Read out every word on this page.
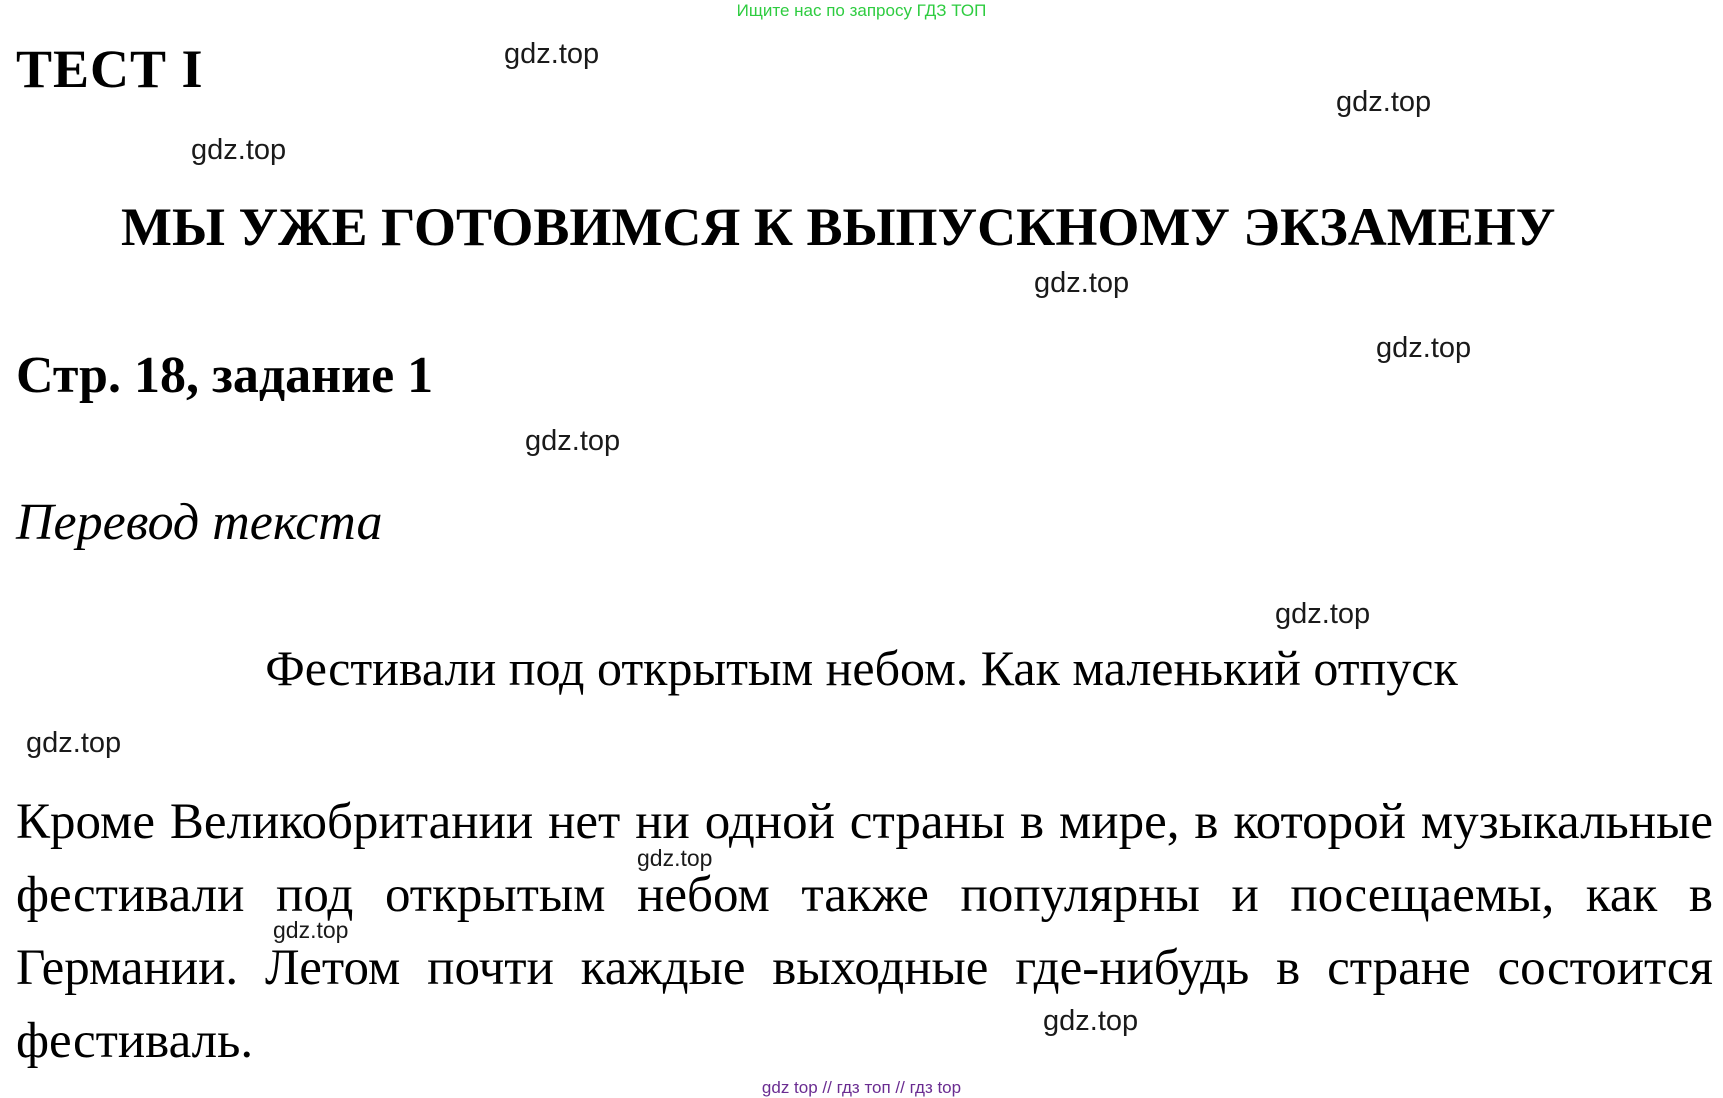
Ищите нас по запросу ГДЗ ТОП
ТЕСТ I
МЫ УЖЕ ГОТОВИМСЯ К ВЫПУСКНОМУ ЭКЗАМЕНУ
Стр. 18, задание 1
Перевод текста
Фестивали под открытым небом. Как маленький отпуск
Кроме Великобритании нет ни одной страны в мире, в которой музыкальные фестивали под открытым небом также популярны и посещаемы, как в Германии. Летом почти каждые выходные где-нибудь в стране состоится фестиваль.
gdz.top
gdz.top
gdz.top
gdz.top
gdz.top
gdz.top
gdz.top
gdz.top
gdz.top
gdz.top
gdz.top
gdz top // гдз топ // гдз top
